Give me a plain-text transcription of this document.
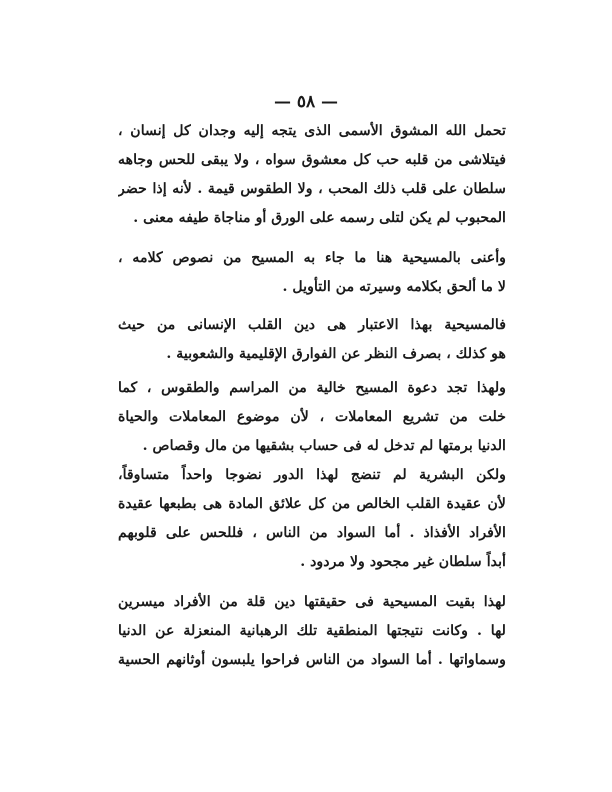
— ٥٨ —
تحمل الله المشوق الأسمى الذى يتجه إليه وجدان كل إنسان ،
فيتلاشى من قلبه حب كل معشوق سواه ، ولا يبقى للحس وجاهه
سلطان على قلب ذلك المحب ، ولا الطقوس قيمة . لأنه إذا حضر
المحبوب لم يكن لتلى رسمه على الورق أو مناجاة طيفه معنى .
وأعنى بالمسيحية هنا ما جاء به المسيح من نصوص كلامه ،
لا ما ألحق بكلامه وسيرته من التأويل .
فالمسيحية بهذا الاعتبار هى دين القلب الإنسانى من حيث
هو كذلك ، بصرف النظر عن الفوارق الإقليمية والشعوبية .
ولهذا تجد دعوة المسيح خالية من المراسم والطقوس ، كما
خلت من تشريع المعاملات ، لأن موضوع المعاملات والحياة
الدنيا برمتها لم تدخل له فى حساب بشقيها من مال وقصاص .
ولكن البشرية لم تنضج لهذا الدور نضوجا واحداً متساوقاً،
لأن عقيدة القلب الخالص من كل علائق المادة هى بطبعها عقيدة
الأفراد الأفذاذ . أما السواد من الناس ، فللحس على قلوبهم
أبداً سلطان غير مجحود ولا مردود .
لهذا بقيت المسيحية فى حقيقتها دين قلة من الأفراد ميسرين
لها . وكانت نتيجتها المنطقية تلك الرهبانية المنعزلة عن الدنيا
وسماواتها . أما السواد من الناس فراحوا يلبسون أوثانهم الحسية
